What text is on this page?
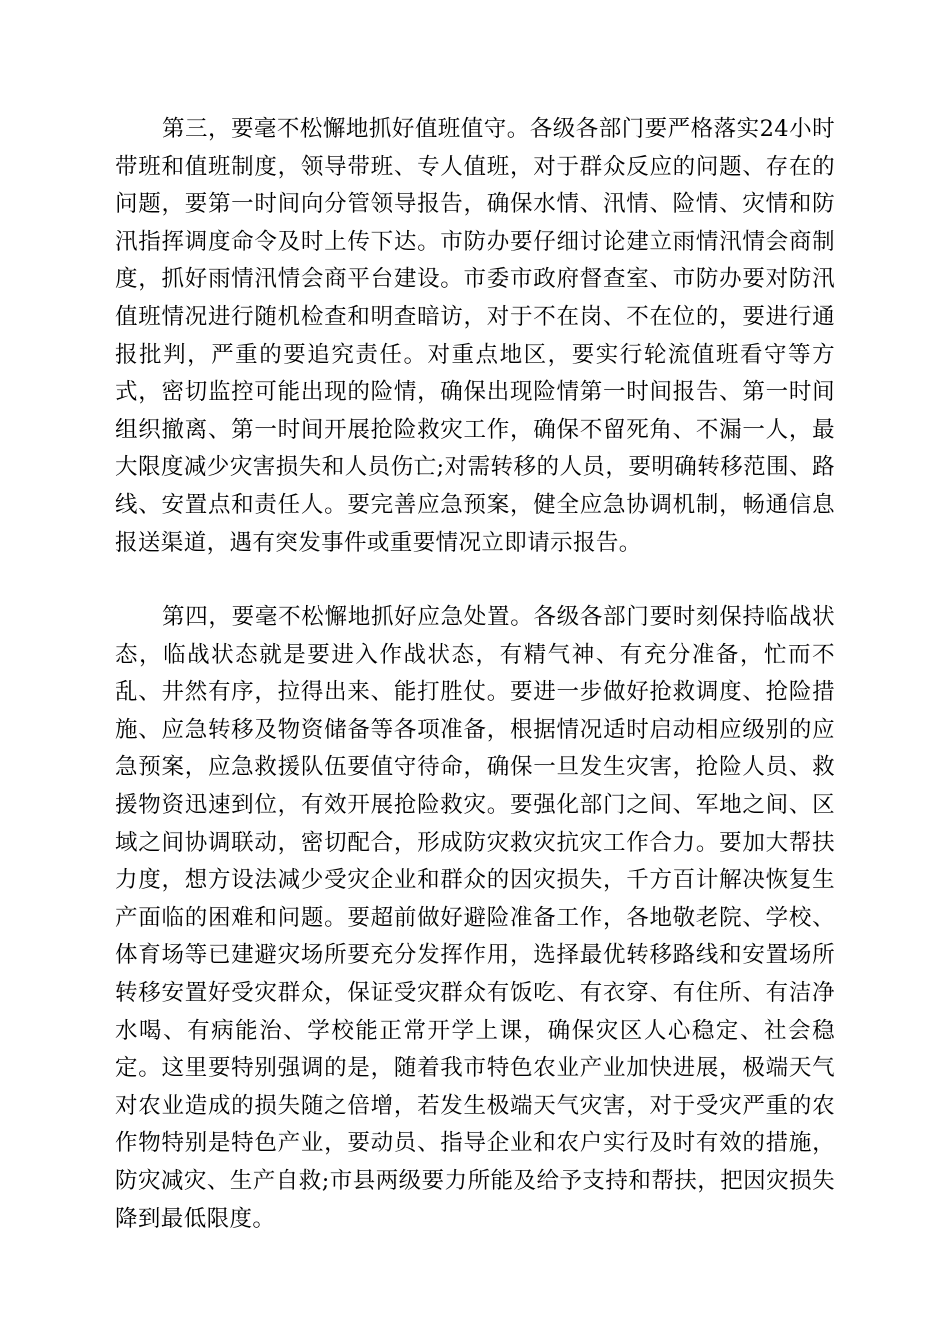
第三，要毫不松懈地抓好值班值守。各级各部门要严格落实24小时带班和值班制度，领导带班、专人值班，对于群众反应的问题、存在的问题，要第一时间向分管领导报告，确保水情、汛情、险情、灾情和防汛指挥调度命令及时上传下达。市防办要仔细讨论建立雨情汛情会商制度，抓好雨情汛情会商平台建设。市委市政府督查室、市防办要对防汛值班情况进行随机检查和明查暗访，对于不在岗、不在位的，要进行通报批判，严重的要追究责任。对重点地区，要实行轮流值班看守等方式，密切监控可能出现的险情，确保出现险情第一时间报告、第一时间组织撤离、第一时间开展抢险救灾工作，确保不留死角、不漏一人，最大限度减少灾害损失和人员伤亡;对需转移的人员，要明确转移范围、路线、安置点和责任人。要完善应急预案，健全应急协调机制，畅通信息报送渠道，遇有突发事件或重要情况立即请示报告。

第四，要毫不松懈地抓好应急处置。各级各部门要时刻保持临战状态，临战状态就是要进入作战状态，有精气神、有充分准备，忙而不乱、井然有序，拉得出来、能打胜仗。要进一步做好抢救调度、抢险措施、应急转移及物资储备等各项准备，根据情况适时启动相应级别的应急预案，应急救援队伍要值守待命，确保一旦发生灾害，抢险人员、救援物资迅速到位，有效开展抢险救灾。要强化部门之间、军地之间、区域之间协调联动，密切配合，形成防灾救灾抗灾工作合力。要加大帮扶力度，想方设法减少受灾企业和群众的因灾损失，千方百计解决恢复生产面临的困难和问题。要超前做好避险准备工作，各地敬老院、学校、体育场等已建避灾场所要充分发挥作用，选择最优转移路线和安置场所转移安置好受灾群众，保证受灾群众有饭吃、有衣穿、有住所、有洁净水喝、有病能治、学校能正常开学上课，确保灾区人心稳定、社会稳定。这里要特别强调的是，随着我市特色农业产业加快进展，极端天气对农业造成的损失随之倍增，若发生极端天气灾害，对于受灾严重的农作物特别是特色产业，要动员、指导企业和农户实行及时有效的措施，防灾减灾、生产自救;市县两级要力所能及给予支持和帮扶，把因灾损失降到最低限度。
